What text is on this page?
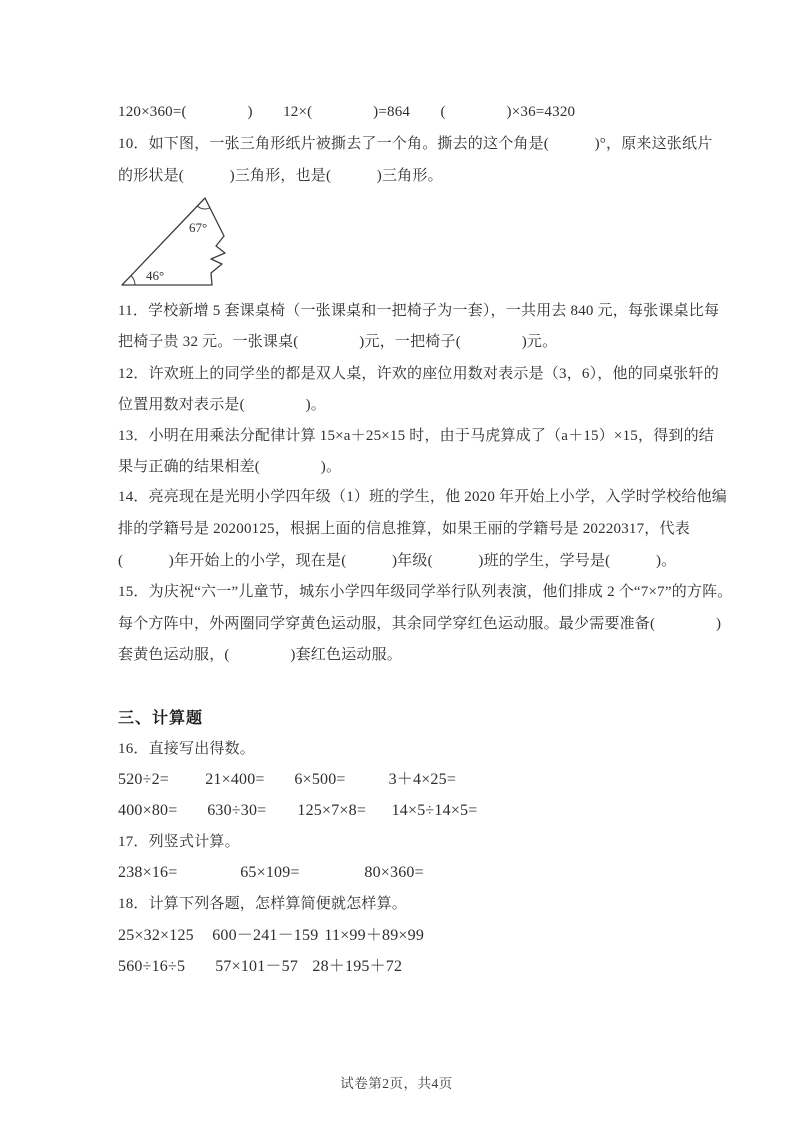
120×360=(　　　　)　　12×(　　　　)=864　　(　　　　)×36=4320
10．如下图，一张三角形纸片被撕去了一个角。撕去的这个角是(　　　)°，原来这张纸片
的形状是(　　　)三角形，也是(　　　)三角形。
67°
46°
11．学校新增 5 套课桌椅（一张课桌和一把椅子为一套），一共用去 840 元，每张课桌比每
把椅子贵 32 元。一张课桌(　　　　)元，一把椅子(　　　　)元。
12．许欢班上的同学坐的都是双人桌，许欢的座位用数对表示是（3，6），他的同桌张轩的
位置用数对表示是(　　　　)。
13．小明在用乘法分配律计算 15×a＋25×15 时，由于马虎算成了（a＋15）×15，得到的结
果与正确的结果相差(　　　　)。
14．亮亮现在是光明小学四年级（1）班的学生，他 2020 年开始上小学，入学时学校给他编
排的学籍号是 20200125，根据上面的信息推算，如果王丽的学籍号是 20220317，代表
(　　　)年开始上的小学，现在是(　　　)年级(　　　)班的学生，学号是(　　　)。
15．为庆祝“六一”儿童节，城东小学四年级同学举行队列表演，他们排成 2 个“7×7”的方阵。
每个方阵中，外两圈同学穿黄色运动服，其余同学穿红色运动服。最少需要准备(　　　　)
套黄色运动服，(　　　　)套红色运动服。
三、计算题
16．直接写出得数。
520÷2= 21×400= 6×500=	3＋4×25=
400×80= 630÷30= 125×7×8= 14×5÷14×5=
17．列竖式计算。
238×16=	65×109=	80×360=
18．计算下列各题，怎样算简便就怎样算。
25×32×125 600－241－159 11×99＋89×99
560÷16÷5 57×101－57 28＋195＋72
试卷第2页，共4页
